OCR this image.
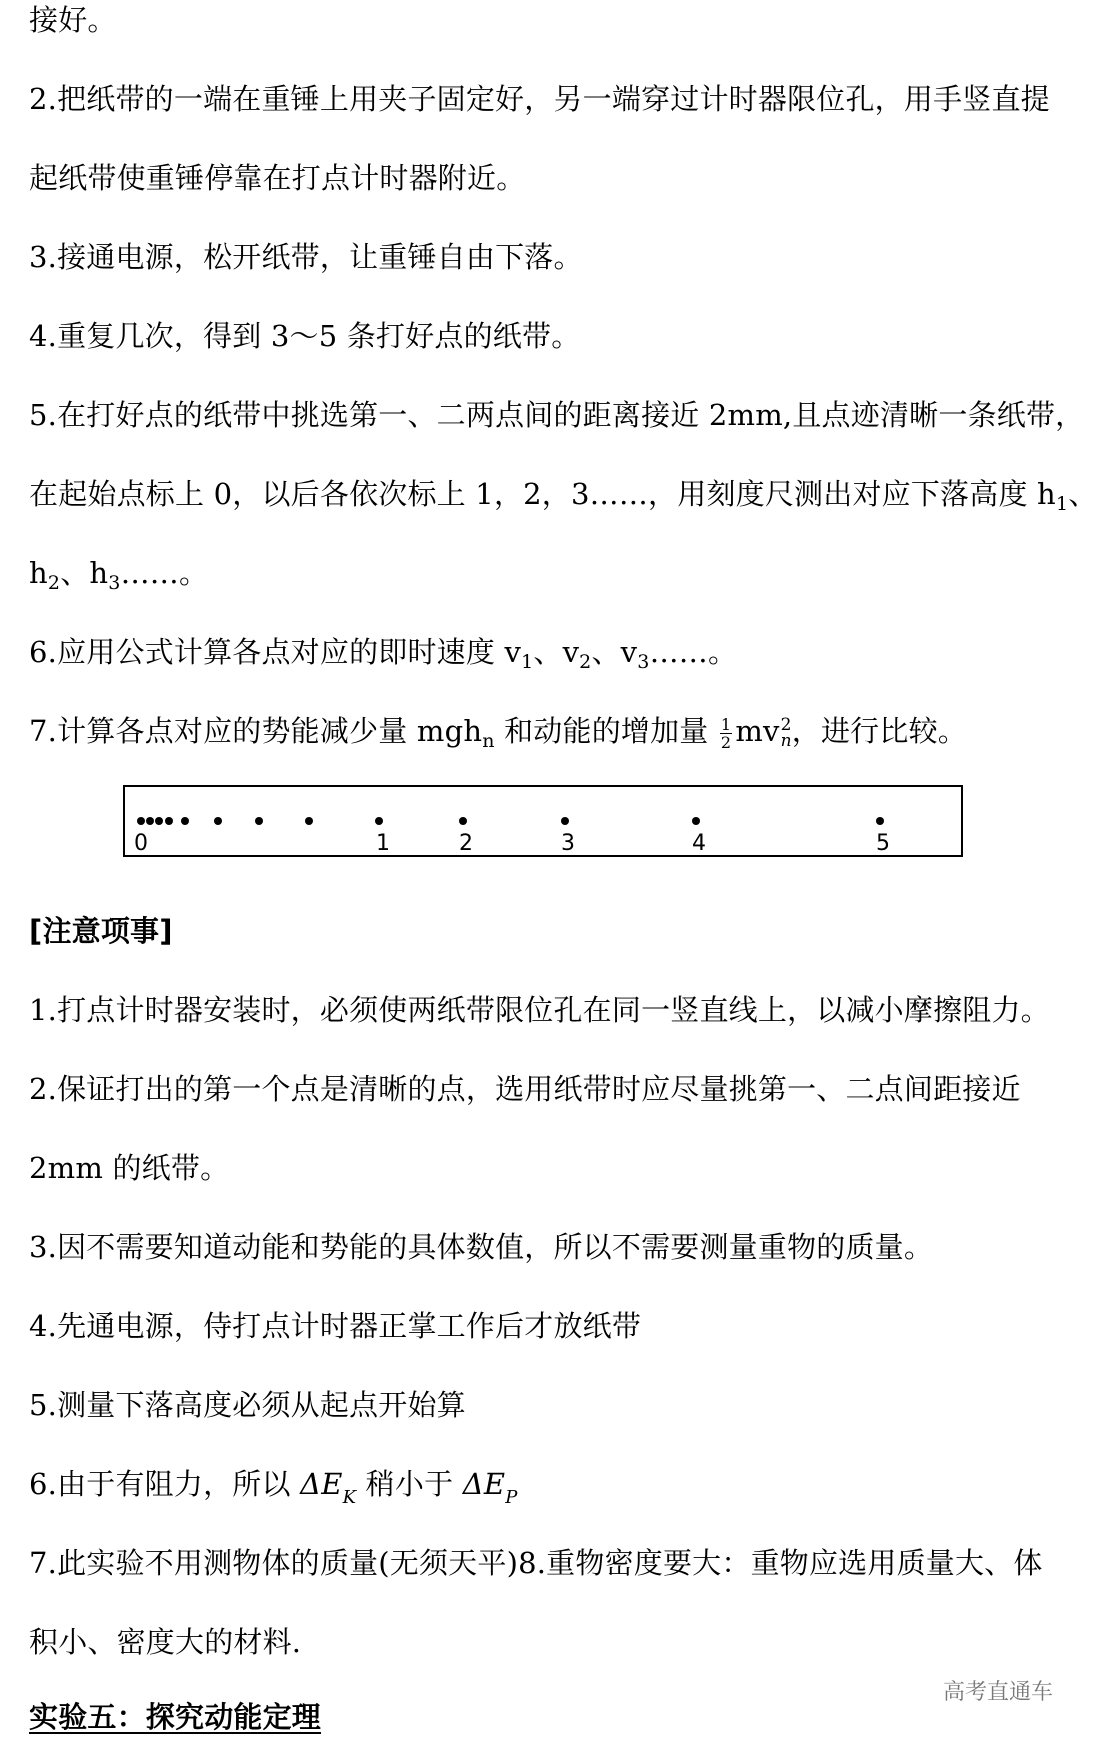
接好。
2.把纸带的一端在重锤上用夹子固定好，另一端穿过计时器限位孔，用手竖直提
起纸带使重锤停靠在打点计时器附近。
3.接通电源，松开纸带，让重锤自由下落。
4.重复几次，得到 3～5 条打好点的纸带。
5.在打好点的纸带中挑选第一、二两点间的距离接近 2mm,且点迹清晰一条纸带，
在起始点标上 0，以后各依次标上 1，2，3……，用刻度尺测出对应下落高度 $h_1$、
$h_2$、$h_3\dots\dots$。
6.应用公式计算各点对应的即时速度 $v_1$、$v_2$、$v_3\dots\dots$。
7.计算各点对应的势能减少量 mgh$_n$ 和动能的增加量 $\frac{1}{2}$ mv 2
n ，进行比较。
[注意项事]
1.打点计时器安装时，必须使两纸带限位孔在同一竖直线上，以减小摩擦阻力。
2.保证打出的第一个点是清晰的点，选用纸带时应尽量挑第一、二点间距接近
2mm 的纸带。
3.因不需要知道动能和势能的具体数值，所以不需要测量重物的质量。
4.先通电源，侍打点计时器正掌工作后才放纸带
5.测量下落高度必须从起点开始算
6.由于有阻力，所以 $\Delta E_K$ 稍小于 $\Delta E_P$
7.此实验不用测物体的质量(无须天平)8.重物密度要大：重物应选用质量大、体
积小、密度大的材料.
实验五：探究动能定理
0	1	2	3	4	5
高考直通车
